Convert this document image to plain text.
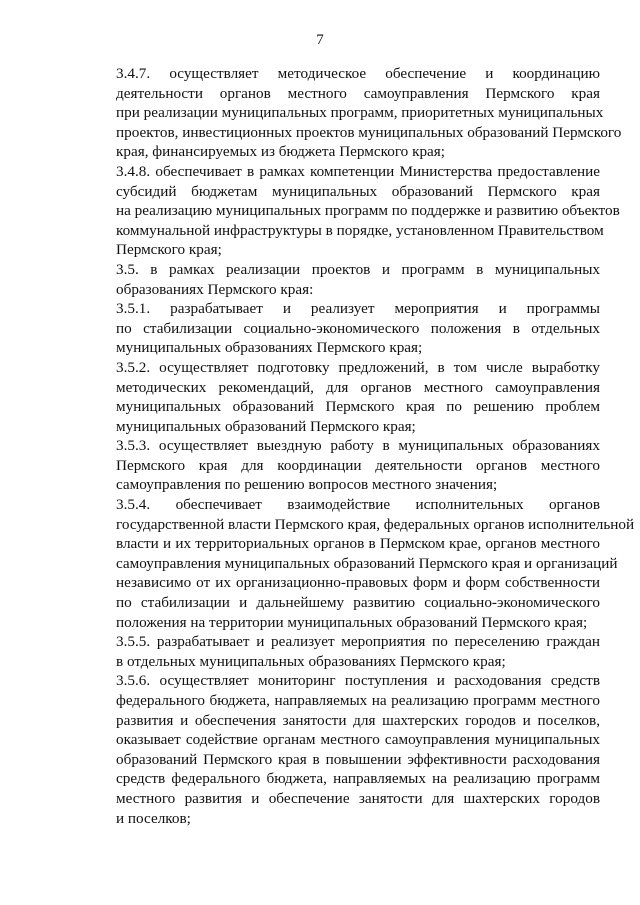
7
3.4.7. осуществляет методическое обеспечение и координацию
деятельности органов местного самоуправления Пермского края
при реализации муниципальных программ, приоритетных муниципальных
проектов, инвестиционных проектов муниципальных образований Пермского
края, финансируемых из бюджета Пермского края;
3.4.8. обеспечивает в рамках компетенции Министерства предоставление
субсидий бюджетам муниципальных образований Пермского края
на реализацию муниципальных программ по поддержке и развитию объектов
коммунальной инфраструктуры в порядке, установленном Правительством
Пермского края;
3.5. в рамках реализации проектов и программ в муниципальных
образованиях Пермского края:
3.5.1. разрабатывает и реализует мероприятия и программы
по стабилизации социально-экономического положения в отдельных
муниципальных образованиях Пермского края;
3.5.2. осуществляет подготовку предложений, в том числе выработку
методических рекомендаций, для органов местного самоуправления
муниципальных образований Пермского края по решению проблем
муниципальных образований Пермского края;
3.5.3. осуществляет выездную работу в муниципальных образованиях
Пермского края для координации деятельности органов местного
самоуправления по решению вопросов местного значения;
3.5.4. обеспечивает взаимодействие исполнительных органов
государственной власти Пермского края, федеральных органов исполнительной
власти и их территориальных органов в Пермском крае, органов местного
самоуправления муниципальных образований Пермского края и организаций
независимо от их организационно-правовых форм и форм собственности
по стабилизации и дальнейшему развитию социально-экономического
положения на территории муниципальных образований Пермского края;
3.5.5. разрабатывает и реализует мероприятия по переселению граждан
в отдельных муниципальных образованиях Пермского края;
3.5.6. осуществляет мониторинг поступления и расходования средств
федерального бюджета, направляемых на реализацию программ местного
развития и обеспечения занятости для шахтерских городов и поселков,
оказывает содействие органам местного самоуправления муниципальных
образований Пермского края в повышении эффективности расходования
средств федерального бюджета, направляемых на реализацию программ
местного развития и обеспечение занятости для шахтерских городов
и поселков;
